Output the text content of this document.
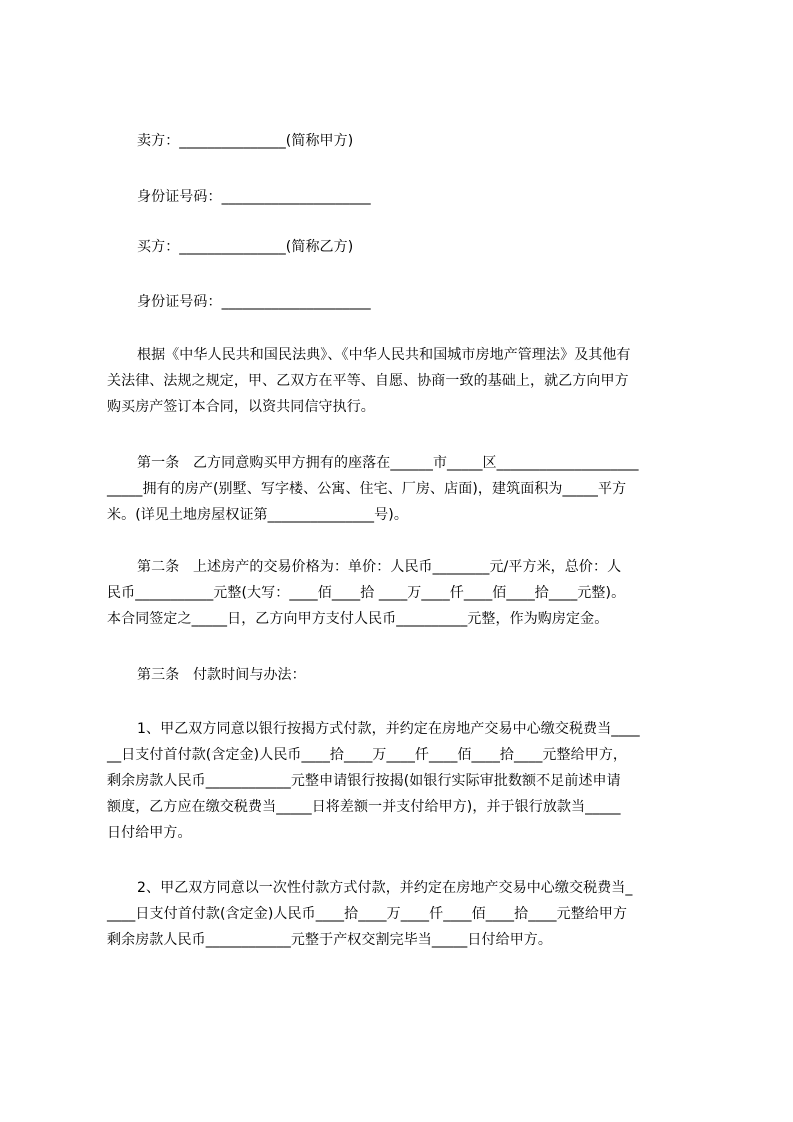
卖方：_______________(简称甲方)
身份证号码：_____________________
买方：_______________(简称乙方)
身份证号码：_____________________
根据《中华人民共和国民法典》、《中华人民共和国城市房地产管理法》及其他有
关法律、法规之规定，甲、乙双方在平等、自愿、协商一致的基础上，就乙方向甲方
购买房产签订本合同，以资共同信守执行。
第一条   乙方同意购买甲方拥有的座落在______市_____区____________________
_____拥有的房产(别墅、写字楼、公寓、住宅、厂房、店面)，建筑面积为_____平方
米。(详见土地房屋权证第_______________号)。
第二条   上述房产的交易价格为：单价：人民币________元/平方米，总价：人
民币___________元整(大写：____佰____拾 ____万____仟____佰____拾____元整)。
本合同签定之_____日，乙方向甲方支付人民币__________元整，作为购房定金。
第三条   付款时间与办法：
1、甲乙双方同意以银行按揭方式付款，并约定在房地产交易中心缴交税费当____
__日支付首付款(含定金)人民币____拾____万____仟____佰____拾____元整给甲方，
剩余房款人民币____________元整申请银行按揭(如银行实际审批数额不足前述申请
额度，乙方应在缴交税费当_____日将差额一并支付给甲方)，并于银行放款当_____
日付给甲方。
2、甲乙双方同意以一次性付款方式付款，并约定在房地产交易中心缴交税费当_
____日支付首付款(含定金)人民币____拾____万____仟____佰____拾____元整给甲方
剩余房款人民币____________元整于产权交割完毕当_____日付给甲方。
